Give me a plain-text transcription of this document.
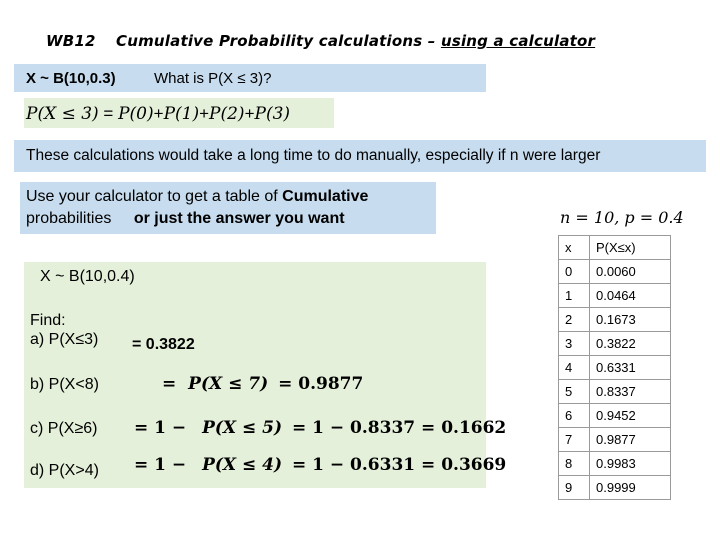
WB12 Cumulative Probability calculations – using a calculator
X ~ B(10,0.3)	What is P(X ≤ 3)?
P(X ≤ 3) = P(0)+P(1)+P(2)+P(3)
These calculations would take a long time to do manually, especially if n were larger
Use your calculator to get a table of Cumulative
probabilities or just the answer you want	n = 10, p = 0.4
X ~ B(10,0.4)
Find:
a) P(X≤3) = 0.3822
b) P(X<8)	= P(X ≤ 7) = 0.9877
c) P(X≥6) = 1 − P(X ≤ 5) = 1 − 0.8337 = 0.1662
d) P(X>4) = 1 − P(X ≤ 4) = 1 − 0.6331 = 0.3669
x	P(X≤x)
0	0.0060
1	0.0464
2	0.1673
3	0.3822
4	0.6331
5	0.8337
6	0.9452
7	0.9877
8	0.9983
9	0.9999
